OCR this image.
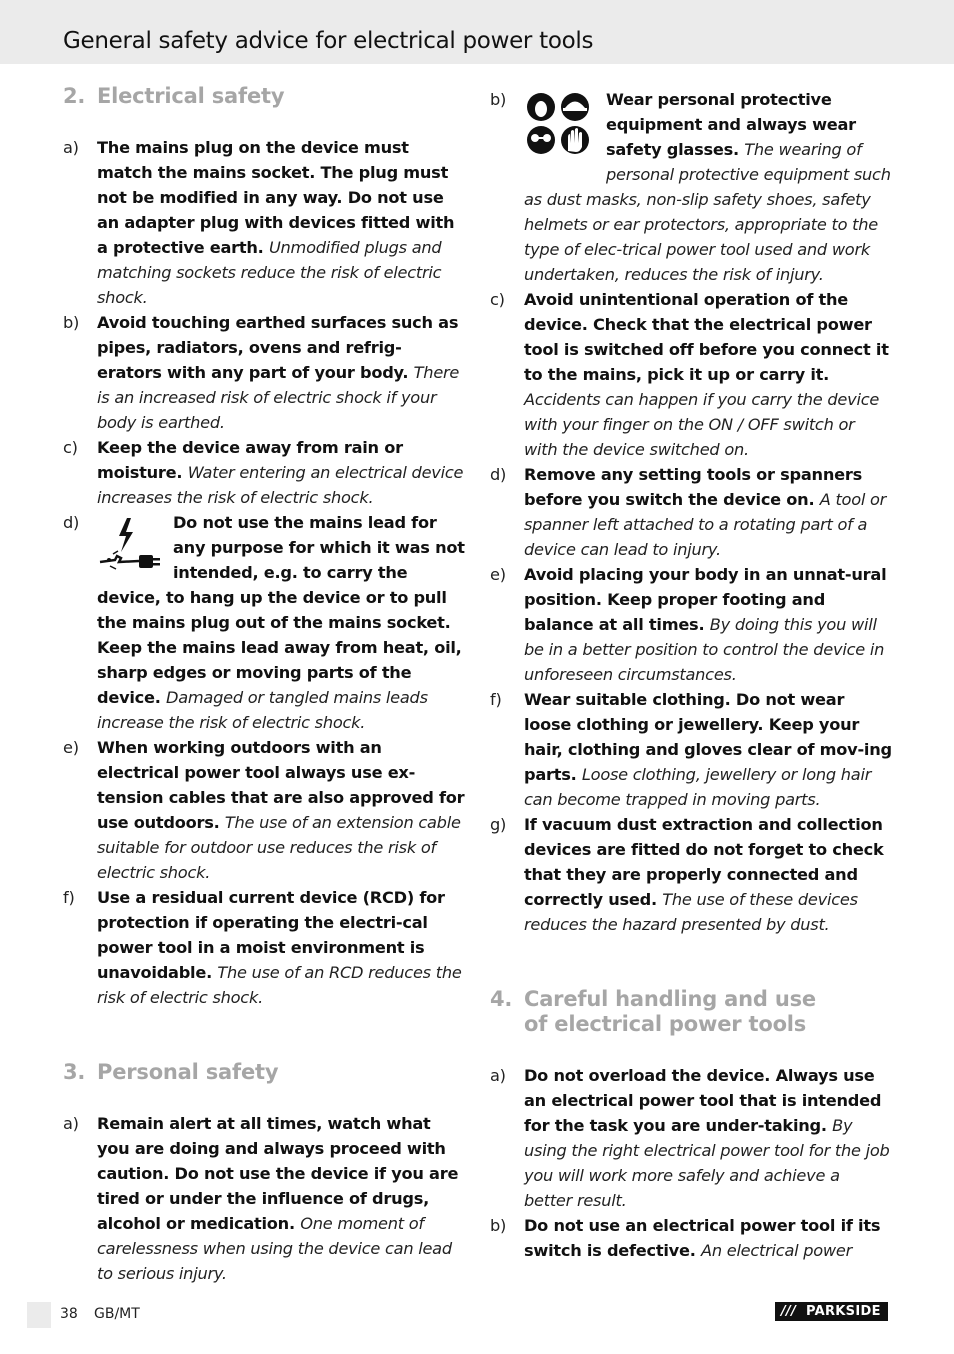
General safety advice for electrical power tools
2. Electrical safety
a) The mains plug on the device must match the mains socket. The plug must not be modified in any way. Do not use an adapter plug with devices fitted with a protective earth. Unmodified plugs and matching sockets reduce the risk of electric shock.
b) Avoid touching earthed surfaces such as pipes, radiators, ovens and refrig-erators with any part of your body. There is an increased risk of electric shock if your body is earthed.
c) Keep the device away from rain or moisture. Water entering an electrical device increases the risk of electric shock.
d)	Do not use the mains lead for any purpose for which it was not intended, e.g. to carry the device, to hang up the device or to pull the mains plug out of the mains socket. Keep the mains lead away from heat, oil, sharp edges or moving parts of the device. Damaged or tangled mains leads increase the risk of electric shock.
e) When working outdoors with an electrical power tool always use ex-tension cables that are also approved for use outdoors. The use of an extension cable suitable for outdoor use reduces the risk of electric shock.
f) Use a residual current device (RCD) for protection if operating the electri-cal power tool in a moist environment is unavoidable. The use of an RCD reduces the risk of electric shock.
3. Personal safety
a) Remain alert at all times, watch what you are doing and always proceed with caution. Do not use the device if you are tired or under the influence of drugs, alcohol or medication. One moment of carelessness when using the device can lead to serious injury.
b)	Wear personal protective equipment and always wear safety glasses. The wearing of personal protective equipment such as dust masks, non-slip safety shoes, safety helmets or ear protectors, appropriate to the type of elec-trical power tool used and work undertaken, reduces the risk of injury.
c) Avoid unintentional operation of the device. Check that the electrical power tool is switched off before you connect it to the mains, pick it up or carry it. Accidents can happen if you carry the device with your finger on the ON / OFF switch or with the device switched on.
d) Remove any setting tools or spanners before you switch the device on. A tool or spanner left attached to a rotating part of a device can lead to injury.
e) Avoid placing your body in an unnat-ural position. Keep proper footing and balance at all times. By doing this you will be in a better position to control the device in unforeseen circumstances.
f) Wear suitable clothing. Do not wear loose clothing or jewellery. Keep your hair, clothing and gloves clear of mov-ing parts. Loose clothing, jewellery or long hair can become trapped in moving parts.
g) If vacuum dust extraction and collection devices are fitted do not forget to check that they are properly connected and correctly used. The use of these devices reduces the hazard presented by dust.
4. Careful handling and use
of electrical power tools
a) Do not overload the device. Always use an electrical power tool that is intended for the task you are under-taking. By using the right electrical power tool for the job you will work more safely and achieve a better result.
b) Do not use an electrical power tool if its switch is defective. An electrical power
38 GB/MT	/// PARKSIDE
